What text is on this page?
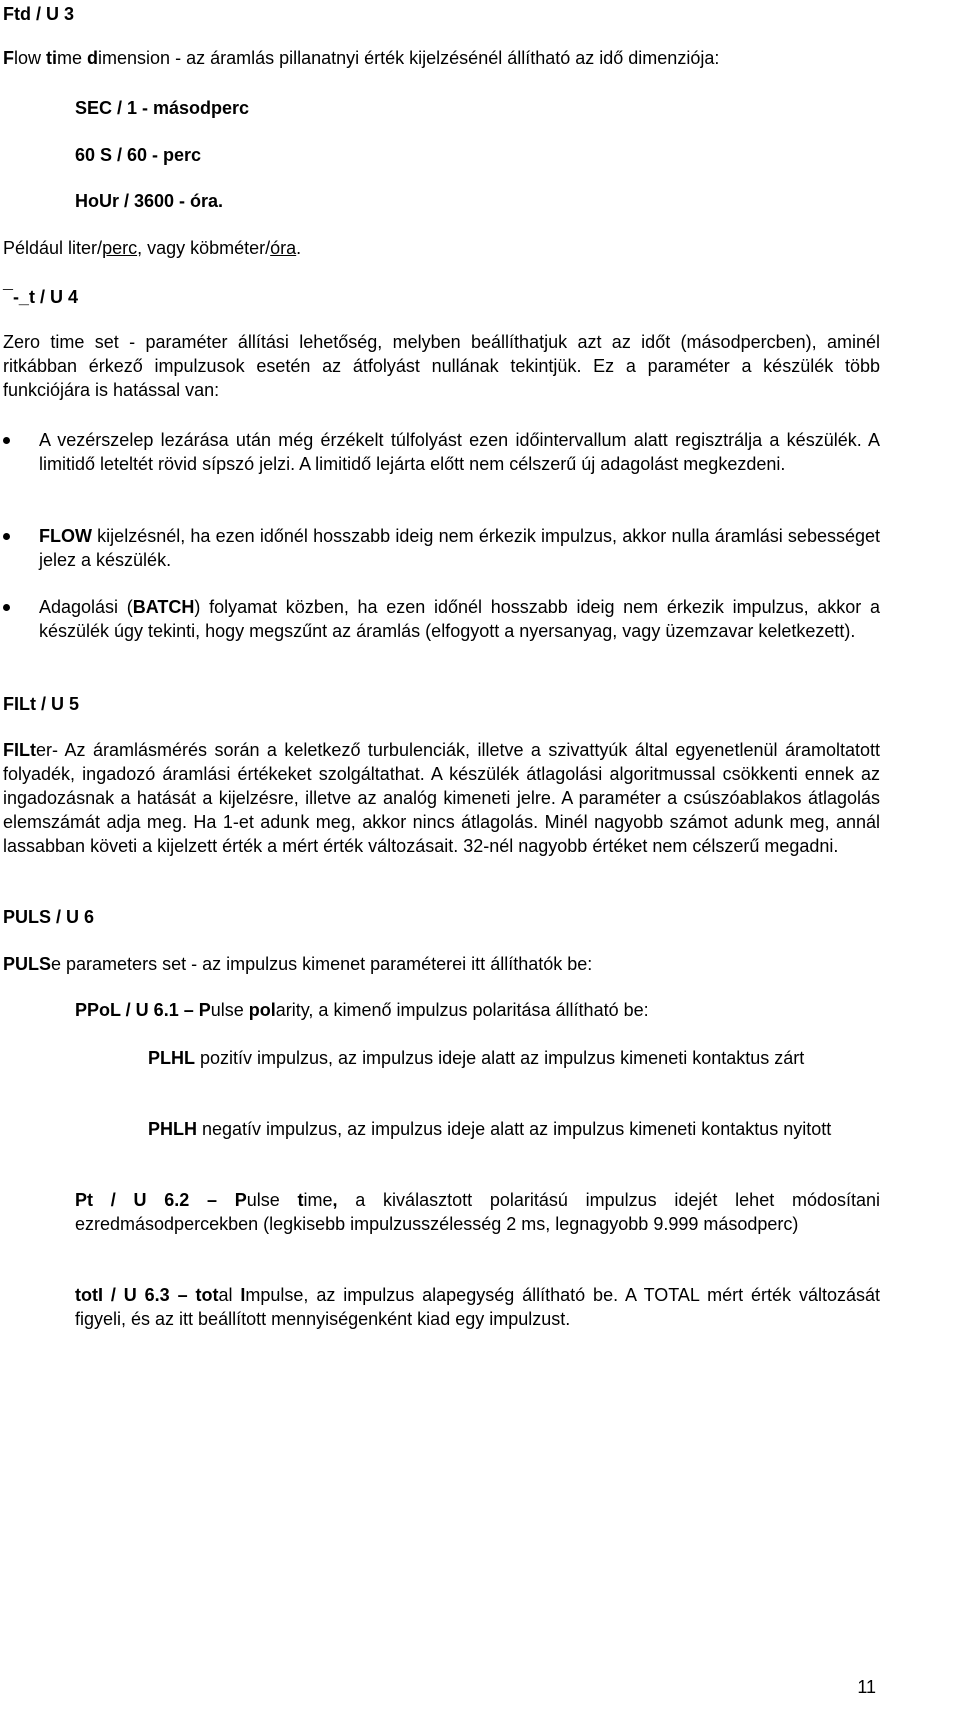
Ftd / U 3

Flow time dimension - az áramlás pillanatnyi érték kijelzésénél állítható az idő dimenziója:

SEC / 1 - másodperc

60 S / 60 - perc

HoUr / 3600 - óra.

Például liter/perc, vagy köbméter/óra.

¯-_t / U 4

Zero time set - paraméter állítási lehetőség, melyben beállíthatjuk azt az időt (másodpercben), aminél ritkábban érkező impulzusok esetén az átfolyást nullának tekintjük. Ez a paraméter a készülék több funkciójára is hatással van:

A vezérszelep lezárása után még érzékelt túlfolyást ezen időintervallum alatt regisztrálja a készülék. A limitidő leteltét rövid sípszó jelzi. A limitidő lejárta előtt nem célszerű új adagolást megkezdeni.
FLOW kijelzésnél, ha ezen időnél hosszabb ideig nem érkezik impulzus, akkor nulla áramlási sebességet jelez a készülék.
Adagolási (BATCH) folyamat közben, ha ezen időnél hosszabb ideig nem érkezik impulzus, akkor a készülék úgy tekinti, hogy megszűnt az áramlás (elfogyott a nyersanyag, vagy üzemzavar keletkezett).

FILt / U 5

FILter- Az áramlásmérés során a keletkező turbulenciák, illetve a szivattyúk által egyenetlenül áramoltatott folyadék, ingadozó áramlási értékeket szolgáltathat. A készülék átlagolási algoritmussal csökkenti ennek az ingadozásnak a hatását a kijelzésre, illetve az analóg kimeneti jelre. A paraméter a csúszóablakos átlagolás elemszámát adja meg. Ha 1-et adunk meg, akkor nincs átlagolás. Minél nagyobb számot adunk meg, annál lassabban követi a kijelzett érték a mért érték változásait. 32-nél nagyobb értéket nem célszerű megadni.

PULS / U 6

PULSe parameters set - az impulzus kimenet paraméterei itt állíthatók be:

PPoL / U 6.1 – Pulse polarity, a kimenő impulzus polaritása állítható be:

PLHL pozitív impulzus, az impulzus ideje alatt az impulzus kimeneti kontaktus zárt

PHLH negatív impulzus, az impulzus ideje alatt az impulzus kimeneti kontaktus nyitott

Pt / U 6.2 – Pulse time, a kiválasztott polaritású impulzus idejét lehet módosítani ezredmásodpercekben (legkisebb impulzusszélesség 2 ms, legnagyobb 9.999 másodperc)

totI / U 6.3 – total Impulse, az impulzus alapegység állítható be. A TOTAL mért érték változását figyeli, és az itt beállított mennyiségenként kiad egy impulzust.

11
